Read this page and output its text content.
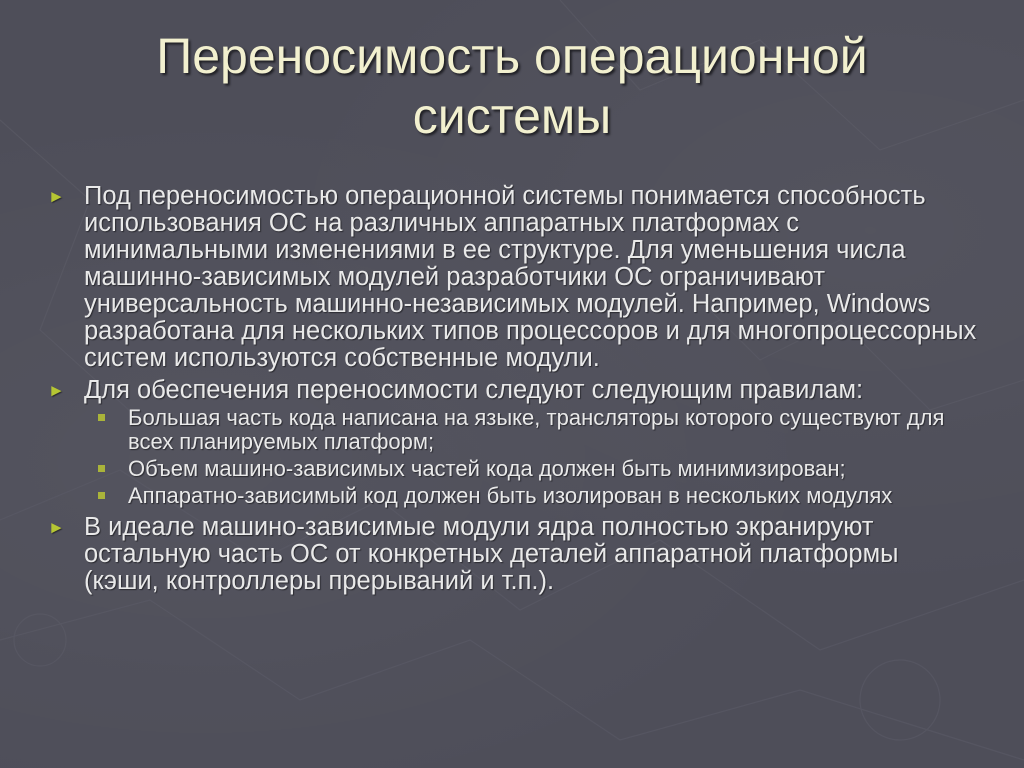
Переносимость операционной системы
► Под переносимостью операционной системы понимается способность использования ОС на различных аппаратных платформах с минимальными изменениями в ее структуре. Для уменьшения числа машинно-зависимых модулей разработчики ОС ограничивают универсальность машинно-независимых модулей. Например, Windows разработана для нескольких типов процессоров и для многопроцессорных систем используются собственные модули.
► Для обеспечения переносимости следуют следующим правилам:
Большая часть кода написана на языке, трансляторы которого существуют для всех планируемых платформ;
Объем машино-зависимых частей кода должен быть минимизирован;
Аппаратно-зависимый код должен быть изолирован в нескольких модулях
► В идеале машино-зависимые модули ядра полностью экранируют остальную часть ОС от конкретных деталей аппаратной платформы (кэши, контроллеры прерываний и т.п.).
